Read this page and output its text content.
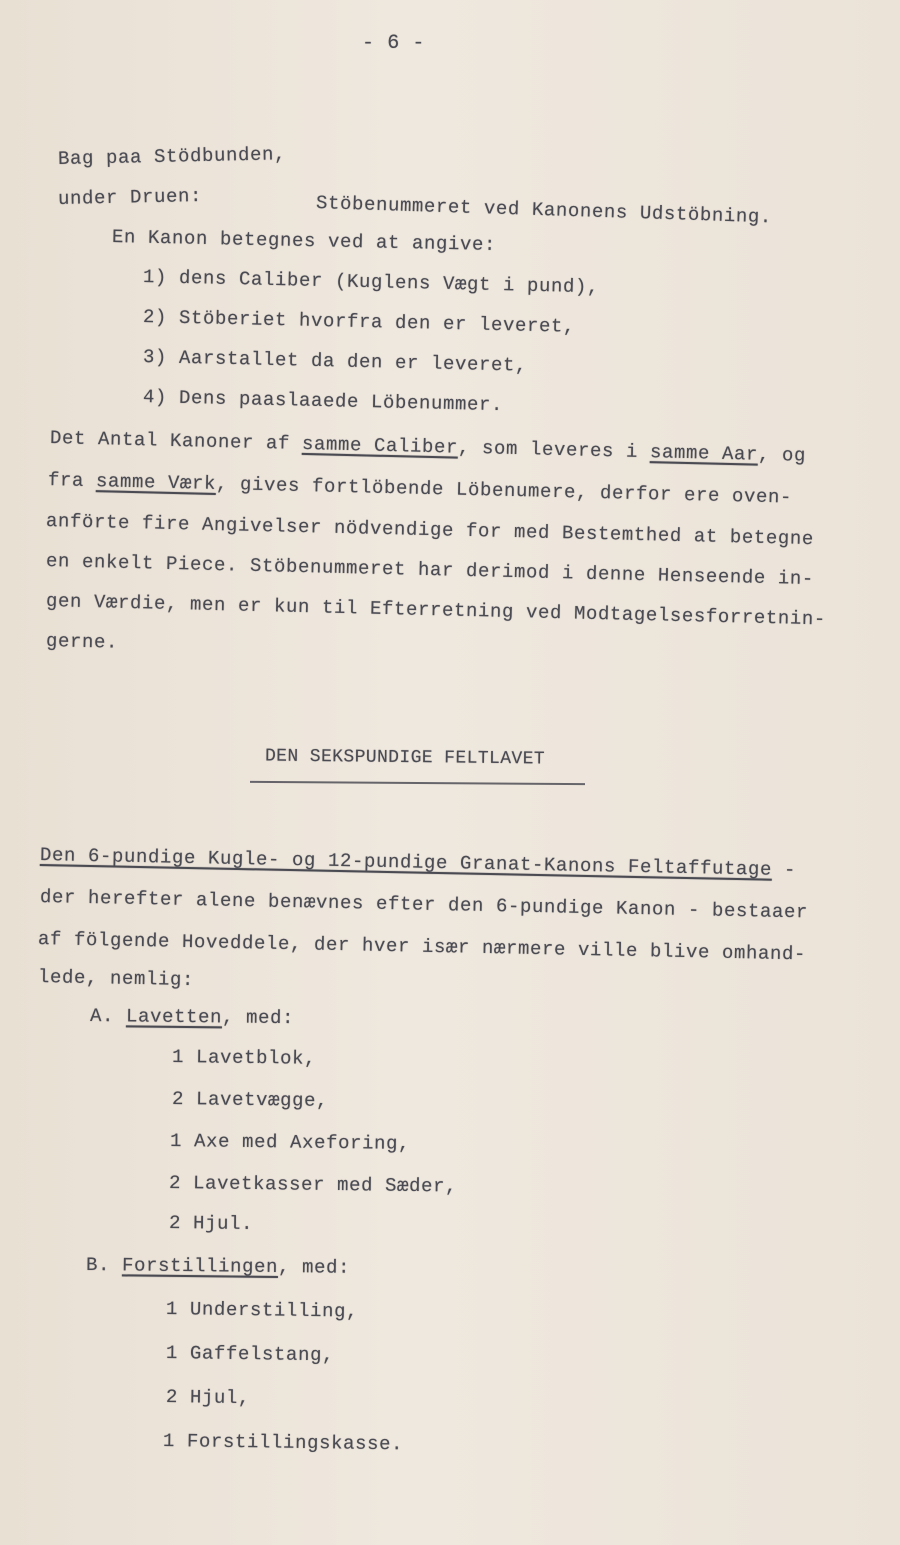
- 6 -
Bag paa Stödbunden,
under Druen:	Stöbenummeret ved Kanonens Udstöbning.
En Kanon betegnes ved at angive:
1) dens Caliber (Kuglens Vægt i pund),
2) Stöberiet hvorfra den er leveret,
3) Aarstallet da den er leveret,
4) Dens paaslaaede Löbenummer.
Det Antal Kanoner af samme Caliber, som leveres i samme Aar, og
fra samme Værk, gives fortlöbende Löbenumere, derfor ere oven-
anförte fire Angivelser nödvendige for med Bestemthed at betegne
en enkelt Piece. Stöbenummeret har derimod i denne Henseende in-
gen Værdie, men er kun til Efterretning ved Modtagelsesforretnin-
gerne.
DEN SEKSPUNDIGE FELTLAVET
Den 6-pundige Kugle- og 12-pundige Granat-Kanons Feltaffutage -
der herefter alene benævnes efter den 6-pundige Kanon - bestaaer
af fölgende Hoveddele, der hver især nærmere ville blive omhand-
lede, nemlig:
A. Lavetten, med:
1 Lavetblok,
2 Lavetvægge,
1 Axe med Axeforing,
2 Lavetkasser med Sæder,
2 Hjul.
B. Forstillingen, med:
1 Understilling,
1 Gaffelstang,
2 Hjul,
1 Forstillingskasse.
